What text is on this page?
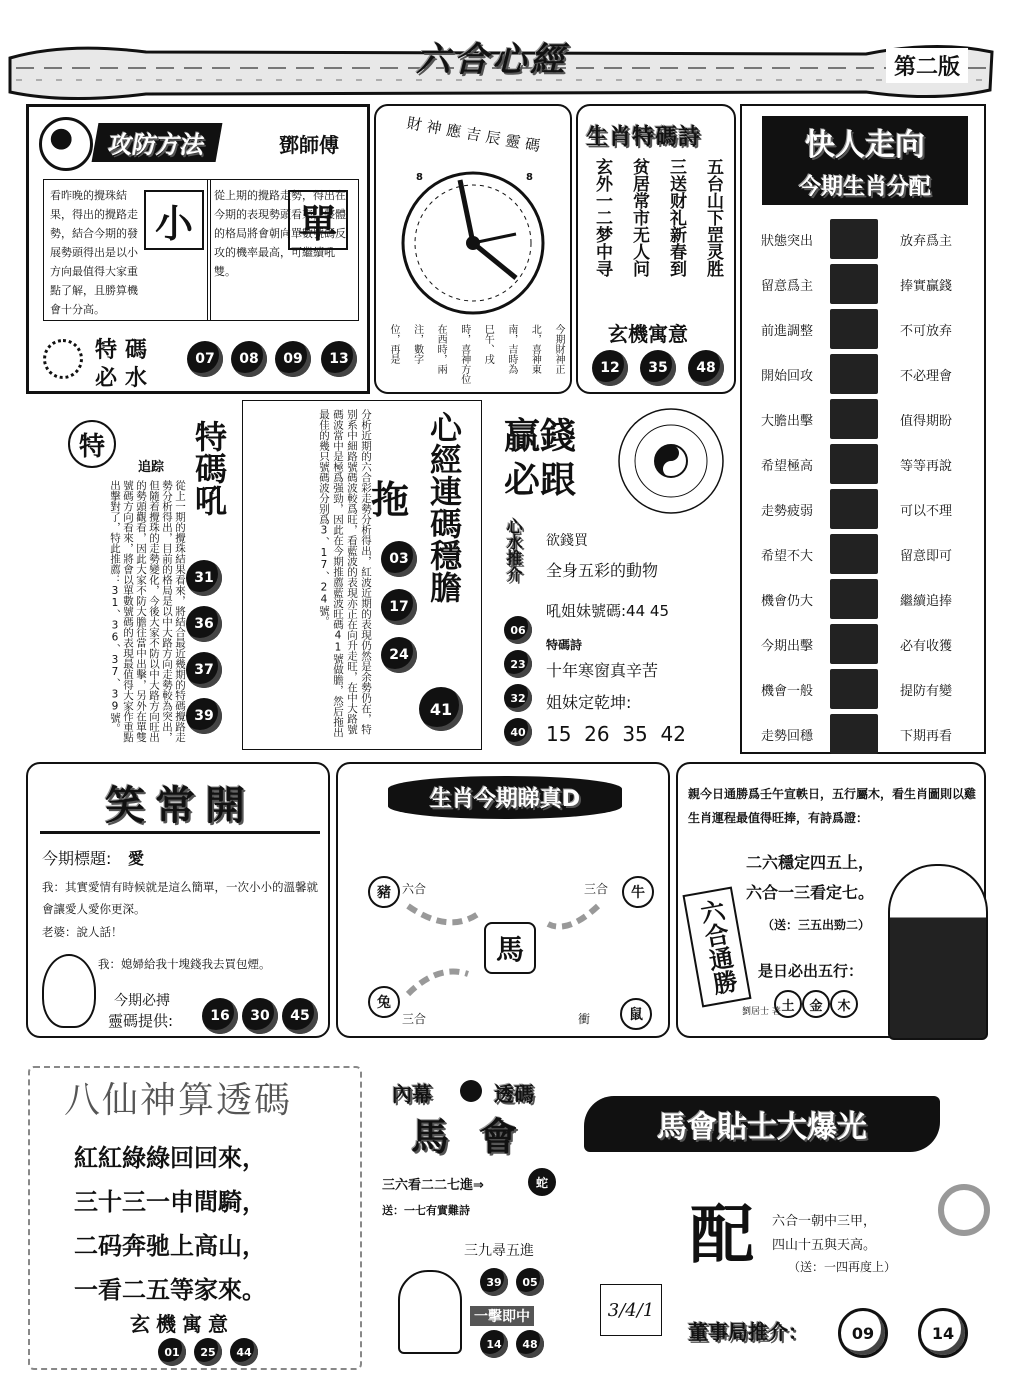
六合心經	第二版
攻防方法	鄧師傅
看昨晚的攪珠結果，得出的攪路走勢，結合今期的發展勢頭得出是以小方向最值得大家重點了解，且勝算機會十分高。
小	單
從上期的攪路走勢，得出在今期的表現勢頭看來，整體的格局將會朝向單數號碼反攻的機率最高，可繼續吼雙。
特碼
必水
07	08	09	13
財神應吉辰靈碼
8	8
今期財神正
北，喜神東
南，吉時為
巳午、戌
時，喜神方位
在西時，兩
注，數字
位，再是
生肖特碼詩
五台山下罡灵胜
三送财礼新春到
贫居常市无人问
玄外一二梦中寻
玄機寓意
12	35	48
快人走向
今期生肖分配
狀態突出	放弃爲主
留意爲主	捧實贏錢
前進調整	不可放弃
開始回攻	不必理會
大膽出擊	值得期盼
希望極高	等等再說
走勢疲弱	可以不理
希望不大	留意即可
機會仍大	繼續追捧
今期出擊	必有收獲
機會一般	提防有變
走勢回穩	下期再看
特
追踪 特碼吼
從上一期的攪珠結果看來，將結合最近幾期的特碼攪路走勢分析得出，目前的格局是以中大路方向走勢較為突出，但隨着攪珠的走勢變化，今後大家不防以中大路方向旺出的勢頭觀看，因此大家不防大膽往當中出擊，另外在單雙號碼方向看來，將會以單數號碼的表現最值得大家作重點出擊對了，特此推薦：31、36、37、39號。	31
36
37
39	分析近期的六合彩走勢分析得出，紅波近期的表現仍然是余勢仍在，特别系中細路號碼波較爲旺，看藍波的表現亦正在向升走旺，在中大路號碼波當中是極爲强勁，因此在今期推薦藍波旺碼41號做膽，然后拖出最佳的幾只號碼波分别爲3、17、24號。	心經連碼穩膽
拖
03
17
24
41
贏錢必跟
心水推介 欲錢買
全身五彩的動物
吼姐妹號碼:44 45
特碼詩
十年寒窗真辛苦
姐妹定乾坤:
15  26  35  42
06
23
32
40
笑常開
今期標題: 愛
我：其實愛情有時候就是這么簡單，一次小小的溫馨就會讓愛人愛你更深。
老婆：說人話！
我：媳婦給我十塊錢我去買包煙。
今期必搏
靈碼提供:	16	30	45
生肖今期睇真D
馬
豬 六合	三合	牛
兔
三合	衝	鼠
親今日通勝爲壬午宣軼日，五行屬木，看生肖圖則以雞生肖運程最值得旺捧，有詩爲證：
二六穩定四五上，
六合一三看定七。
（送：三五出勁二）
六合通勝
劉居士 著
是日必出五行：
土	金	木
八仙神算透碼
紅紅綠綠回回來，
三十三一申間騎，
二码奔驰上高山，
一看二五等家來。
玄機寓意
01	25	44
內幕	透碼
馬會
三六看二二七進⇒	蛇
送：一七有實難詩
三九尋五進
39	05
一擊即中
14	48
馬會貼士大爆光
配 六合一朝中三甲，
四山十五與天高。
（送：一四再度上）
3/4/1
董事局推介：	09	14
